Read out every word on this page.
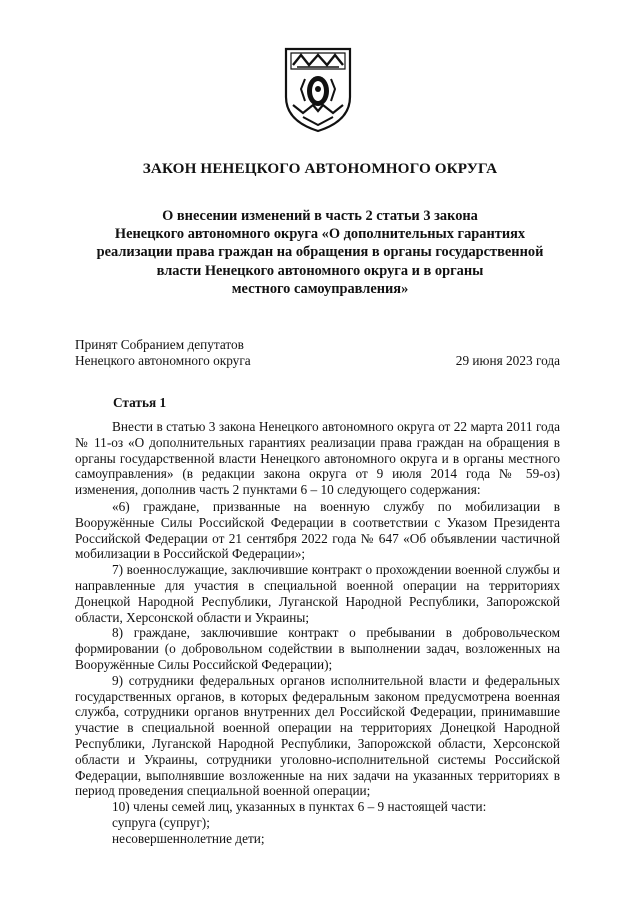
ЗАКОН НЕНЕЦКОГО АВТОНОМНОГО ОКРУГА
О внесении изменений в часть 2 статьи 3 закона
Ненецкого автономного округа «О дополнительных гарантиях
реализации права граждан на обращения в органы государственной
власти Ненецкого автономного округа и в органы
местного самоуправления»
Принят Собранием депутатов
Ненецкого автономного округа	29 июня 2023 года
Статья 1

Внести в статью 3 закона Ненецкого автономного округа от 22 марта 2011 года № 11-оз «О дополнительных гарантиях реализации права граждан на обращения в органы государственной власти Ненецкого автономного округа и в органы местного самоуправления» (в редакции закона округа от 9 июля 2014 года № 59-оз) изменения, дополнив часть 2 пунктами 6 – 10 следующего содержания:

«6) граждане, призванные на военную службу по мобилизации в Вооружённые Силы Российской Федерации в соответствии с Указом Президента Российской Федерации от 21 сентября 2022 года № 647 «Об объявлении частичной мобилизации в Российской Федерации»;

7) военнослужащие, заключившие контракт о прохождении военной службы и направленные для участия в специальной военной операции на территориях Донецкой Народной Республики, Луганской Народной Республики, Запорожской области, Херсонской области и Украины;

8) граждане, заключившие контракт о пребывании в добровольческом формировании (о добровольном содействии в выполнении задач, возложенных на Вооружённые Силы Российской Федерации);

9) сотрудники федеральных органов исполнительной власти и федеральных государственных органов, в которых федеральным законом предусмотрена военная служба, сотрудники органов внутренних дел Российской Федерации, принимавшие участие в специальной военной операции на территориях Донецкой Народной Республики, Луганской Народной Республики, Запорожской области, Херсонской области и Украины, сотрудники уголовно-исполнительной системы Российской Федерации, выполнявшие возложенные на них задачи на указанных территориях в период проведения специальной военной операции;

10) члены семей лиц, указанных в пунктах 6 – 9 настоящей части:

супруга (супруг);

несовершеннолетние дети;
